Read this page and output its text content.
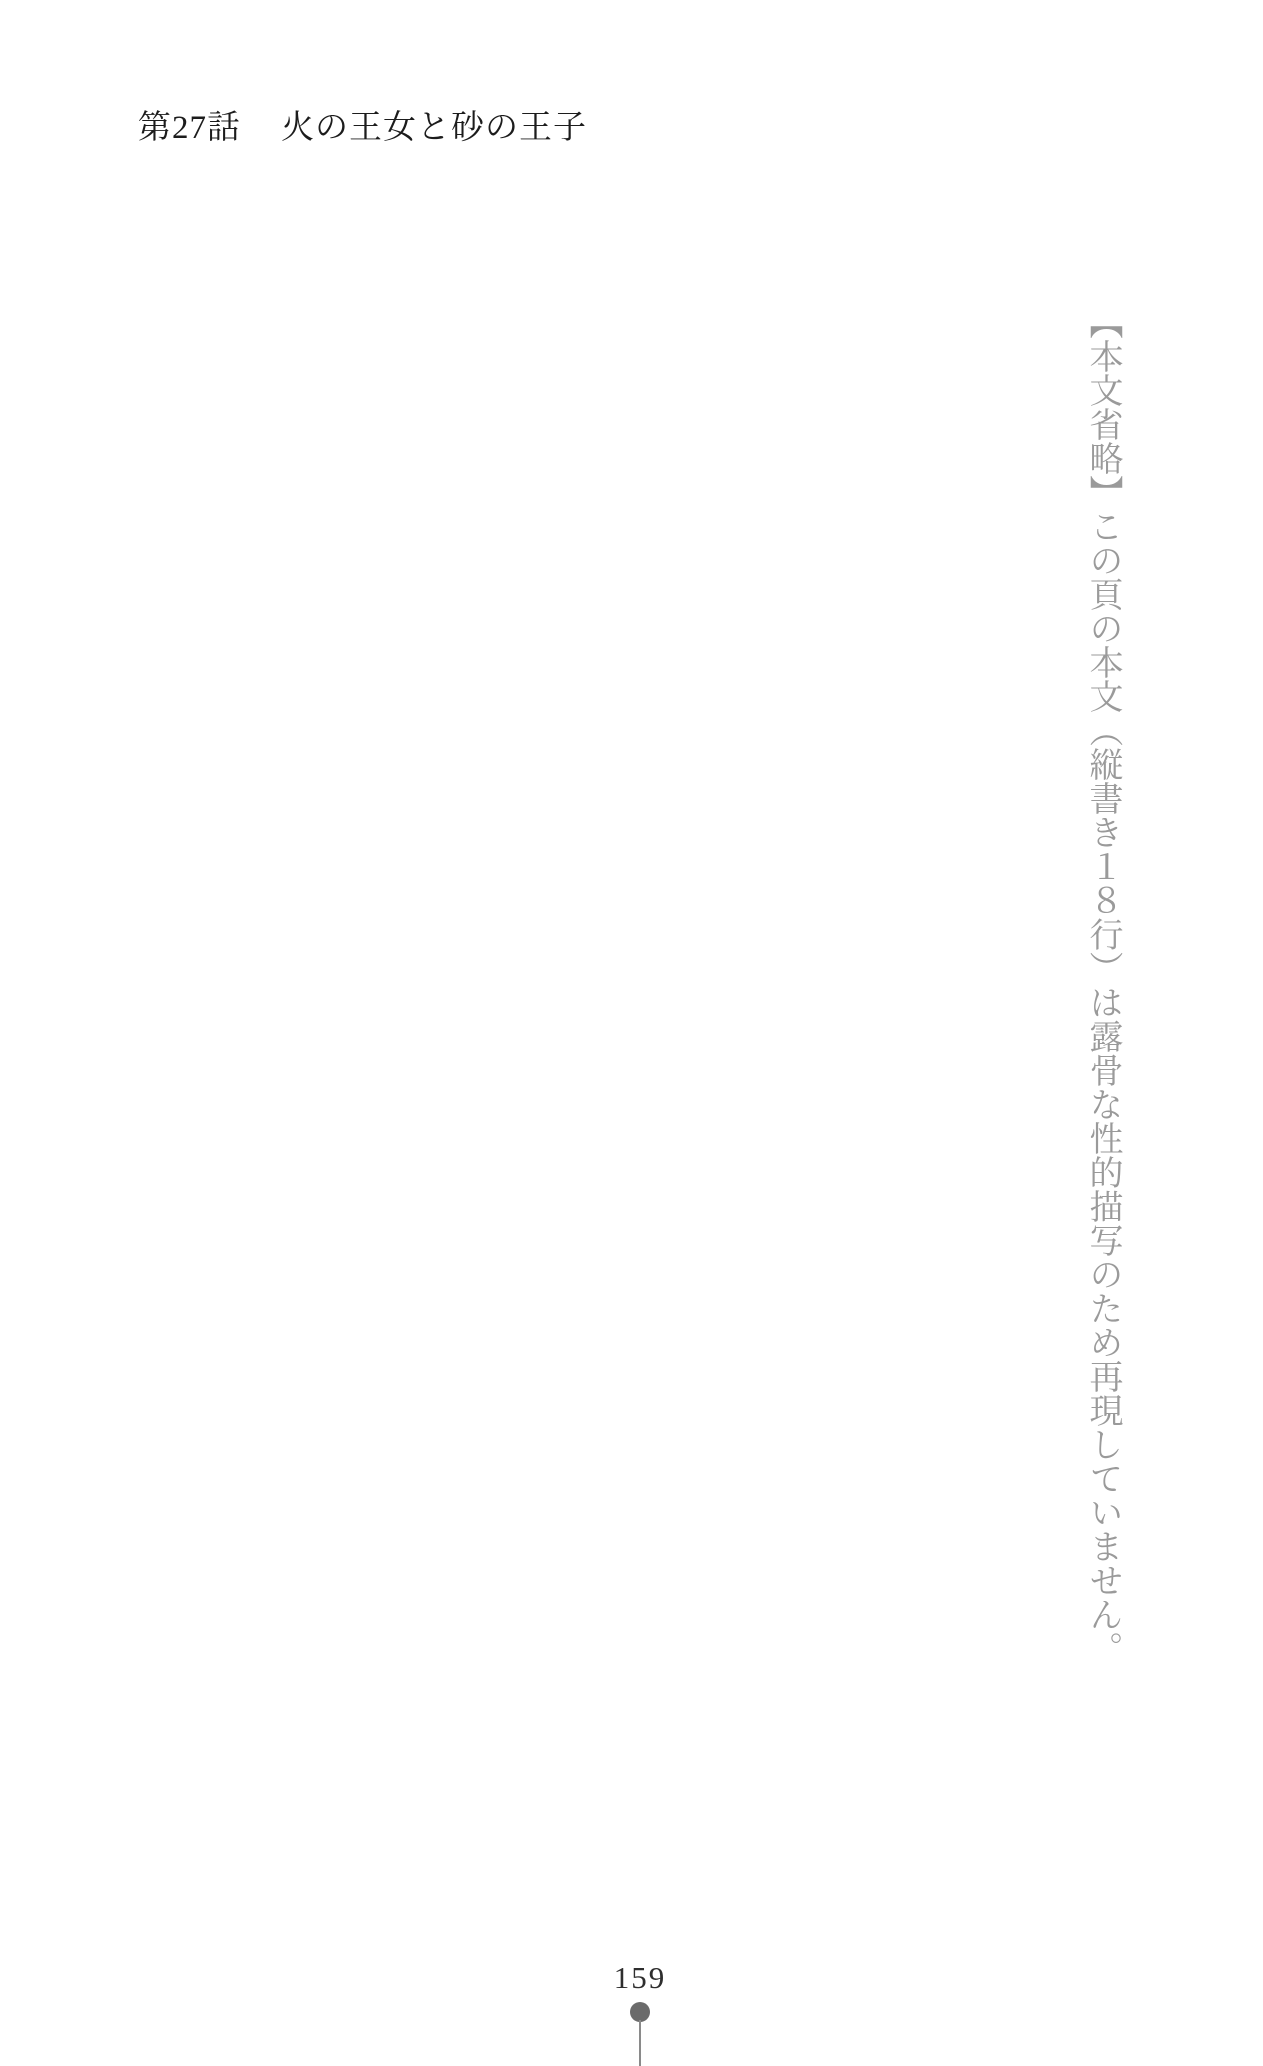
第27話 火の王女と砂の王子

【本文省略】この頁の本文（縦書き１８行）は露骨な性的描写のため再現していません。

159
